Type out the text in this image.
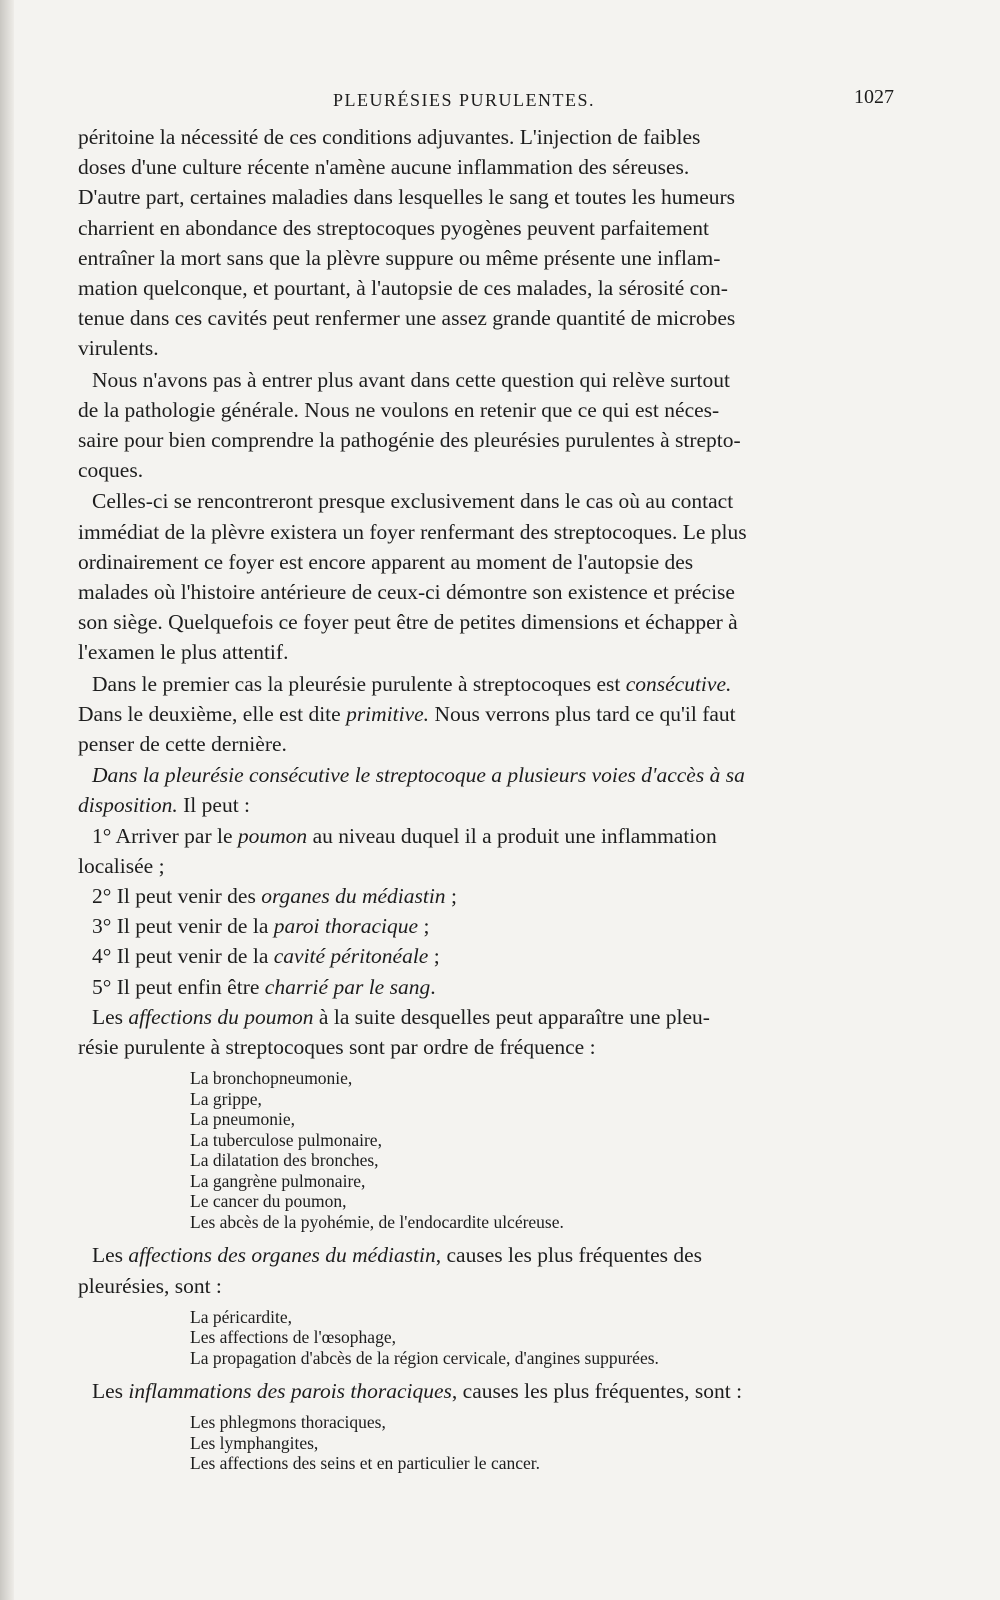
PLEURÉSIES PURULENTES.	1027
péritoine la nécessité de ces conditions adjuvantes. L'injection de faibles
doses d'une culture récente n'amène aucune inflammation des séreuses.
D'autre part, certaines maladies dans lesquelles le sang et toutes les humeurs
charrient en abondance des streptocoques pyogènes peuvent parfaitement
entraîner la mort sans que la plèvre suppure ou même présente une inflam-
mation quelconque, et pourtant, à l'autopsie de ces malades, la sérosité con-
tenue dans ces cavités peut renfermer une assez grande quantité de microbes
virulents.
Nous n'avons pas à entrer plus avant dans cette question qui relève surtout
de la pathologie générale. Nous ne voulons en retenir que ce qui est néces-
saire pour bien comprendre la pathogénie des pleurésies purulentes à strepto-
coques.
Celles-ci se rencontreront presque exclusivement dans le cas où au contact
immédiat de la plèvre existera un foyer renfermant des streptocoques. Le plus
ordinairement ce foyer est encore apparent au moment de l'autopsie des
malades où l'histoire antérieure de ceux-ci démontre son existence et précise
son siège. Quelquefois ce foyer peut être de petites dimensions et échapper à
l'examen le plus attentif.
Dans le premier cas la pleurésie purulente à streptocoques est consécutive.
Dans le deuxième, elle est dite primitive. Nous verrons plus tard ce qu'il faut
penser de cette dernière.
Dans la pleurésie consécutive le streptocoque a plusieurs voies d'accès à sa
disposition. Il peut :
1° Arriver par le poumon au niveau duquel il a produit une inflammation
localisée ;
2° Il peut venir des organes du médiastin ;
3° Il peut venir de la paroi thoracique ;
4° Il peut venir de la cavité péritonéale ;
5° Il peut enfin être charrié par le sang.
Les affections du poumon à la suite desquelles peut apparaître une pleu-
résie purulente à streptocoques sont par ordre de fréquence :
La bronchopneumonie,
La grippe,
La pneumonie,
La tuberculose pulmonaire,
La dilatation des bronches,
La gangrène pulmonaire,
Le cancer du poumon,
Les abcès de la pyohémie, de l'endocardite ulcéreuse.
Les affections des organes du médiastin, causes les plus fréquentes des
pleurésies, sont :
La péricardite,
Les affections de l'œsophage,
La propagation d'abcès de la région cervicale, d'angines suppurées.
Les inflammations des parois thoraciques, causes les plus fréquentes, sont :
Les phlegmons thoraciques,
Les lymphangites,
Les affections des seins et en particulier le cancer.
